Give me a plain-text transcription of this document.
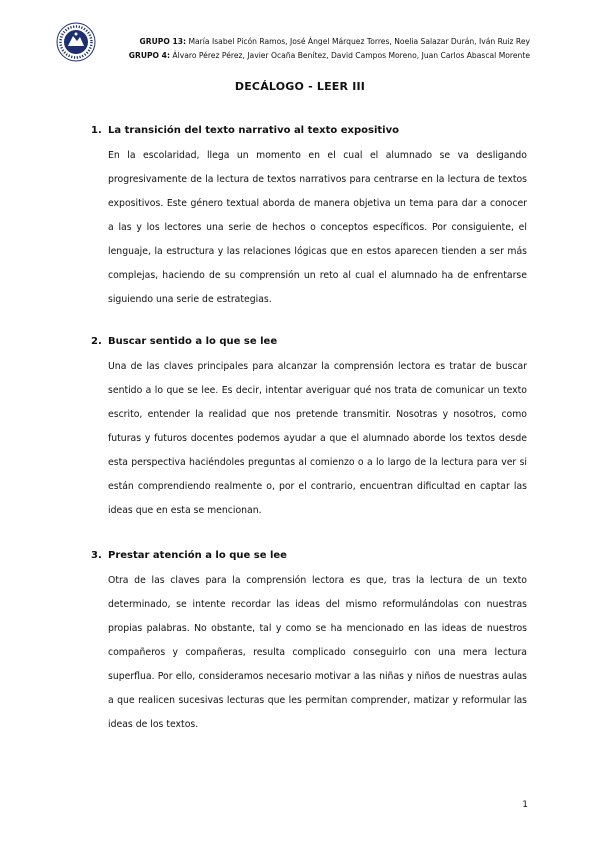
GRUPO 13: María Isabel Picón Ramos, José Ángel Márquez Torres, Noelia Salazar Durán, Iván Ruiz Rey
GRUPO 4: Álvaro Pérez Pérez, Javier Ocaña Benítez, David Campos Moreno, Juan Carlos Abascal Morente
DECÁLOGO - LEER III
1. La transición del texto narrativo al texto expositivo
En la escolaridad, llega un momento en el cual el alumnado se va desligando progresivamente de la lectura de textos narrativos para centrarse en la lectura de textos expositivos. Este género textual aborda de manera objetiva un tema para dar a conocer a las y los lectores una serie de hechos o conceptos específicos. Por consiguiente, el lenguaje, la estructura y las relaciones lógicas que en estos aparecen tienden a ser más complejas, haciendo de su comprensión un reto al cual el alumnado ha de enfrentarse siguiendo una serie de estrategias.
2. Buscar sentido a lo que se lee
Una de las claves principales para alcanzar la comprensión lectora es tratar de buscar sentido a lo que se lee. Es decir, intentar averiguar qué nos trata de comunicar un texto escrito, entender la realidad que nos pretende transmitir. Nosotras y nosotros, como futuras y futuros docentes podemos ayudar a que el alumnado aborde los textos desde esta perspectiva haciéndoles preguntas al comienzo o a lo largo de la lectura para ver si están comprendiendo realmente o, por el contrario, encuentran dificultad en captar las ideas que en esta se mencionan.
3. Prestar atención a lo que se lee
Otra de las claves para la comprensión lectora es que, tras la lectura de un texto determinado, se intente recordar las ideas del mismo reformulándolas con nuestras propias palabras. No obstante, tal y como se ha mencionado en las ideas de nuestros compañeros y compañeras, resulta complicado conseguirlo con una mera lectura superflua. Por ello, consideramos necesario motivar a las niñas y niños de nuestras aulas a que realicen sucesivas lecturas que les permitan comprender, matizar y reformular las ideas de los textos.
1
